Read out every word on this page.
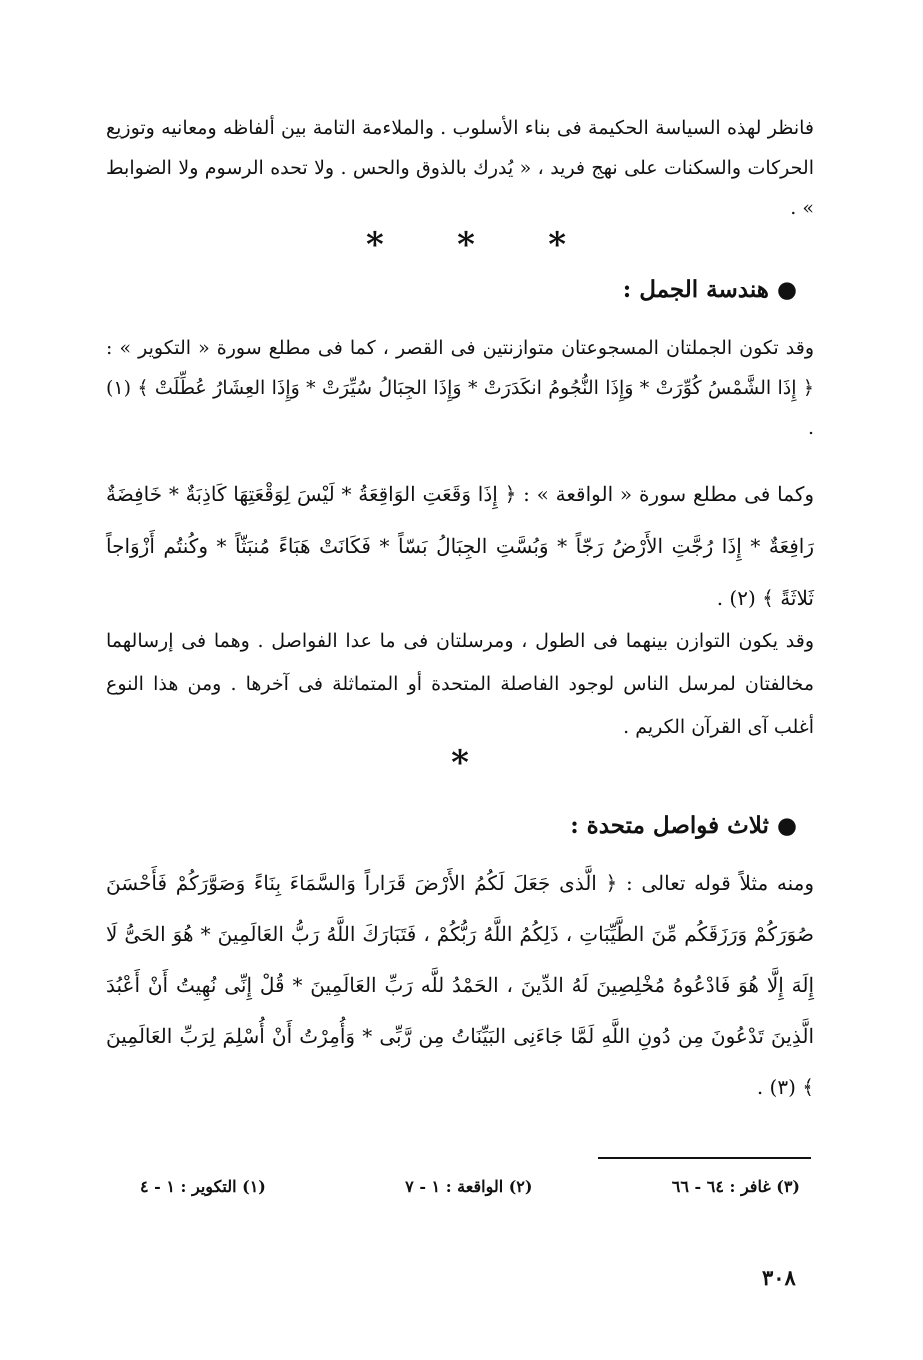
فانظر لهذه السياسة الحكيمة فى بناء الأسلوب . والملاءمة التامة بين ألفاظه ومعانيه وتوزيع الحركات والسكنات على نهج فريد ، « يُدرك بالذوق والحس . ولا تحده الرسوم ولا الضوابط » .

* * *
● هندسة الجمل :

وقد تكون الجملتان المسجوعتان متوازنتين فى القصر ، كما فى مطلع سورة « التكوير » : ﴿ إِذَا الشَّمْسُ كُوِّرَتْ * وَإِذَا النُّجُومُ انكَدَرَتْ * وَإِذَا الجِبَالُ سُيِّرَتْ * وَإِذَا العِشَارُ عُطِّلَتْ ﴾ (١) .

وكما فى مطلع سورة « الواقعة » : ﴿ إِذَا وَقَعَتِ الوَاقِعَةُ * لَيْسَ لِوَقْعَتِهَا كَاذِبَةٌ * خَافِضَةٌ رَافِعَةٌ * إِذَا رُجَّتِ الأَرْضُ رَجّاً * وَبُسَّتِ الجِبَالُ بَسّاً * فَكَانَتْ هَبَاءً مُنبَثّاً * وكُنتُم أَزْوَاجاً ثَلاثَةً ﴾ (٢) .

وقد يكون التوازن بينهما فى الطول ، ومرسلتان فى ما عدا الفواصل . وهما فى إرسالهما مخالفتان لمرسل الناس لوجود الفاصلة المتحدة أو المتماثلة فى آخرها . ومن هذا النوع أغلب آى القرآن الكريم .

*
● ثلاث فواصل متحدة :

ومنه مثلاً قوله تعالى : ﴿ الَّذى جَعَلَ لَكُمُ الأَرْضَ قَرَاراً وَالسَّمَاءَ بِنَاءً وَصَوَّرَكُمْ فَأَحْسَنَ صُوَرَكُمْ وَرَزَقَكُم مِّنَ الطَّيِّبَاتِ ، ذَلِكُمُ اللَّهُ رَبُّكُمْ ، فَتَبَارَكَ اللَّهُ رَبُّ العَالَمِينَ * هُوَ الحَىُّ لَا إِلَهَ إِلَّا هُوَ فَادْعُوهُ مُخْلِصِينَ لَهُ الدِّينَ ، الحَمْدُ للَّه رَبِّ العَالَمِينَ * قُلْ إِنِّى نُهِيتُ أَنْ أَعْبُدَ الَّذِينَ تَدْعُونَ مِن دُونِ اللَّهِ لَمَّا جَاءَنِى البَيِّنَاتُ مِن رَّبِّى * وَأُمِرْتُ أَنْ أُسْلِمَ لِرَبِّ العَالَمِينَ ﴾ (٣) .

(١) التكوير : ١ - ٤	(٢) الواقعة : ١ - ٧	(٣) غافر : ٦٤ - ٦٦
٣٠٨
